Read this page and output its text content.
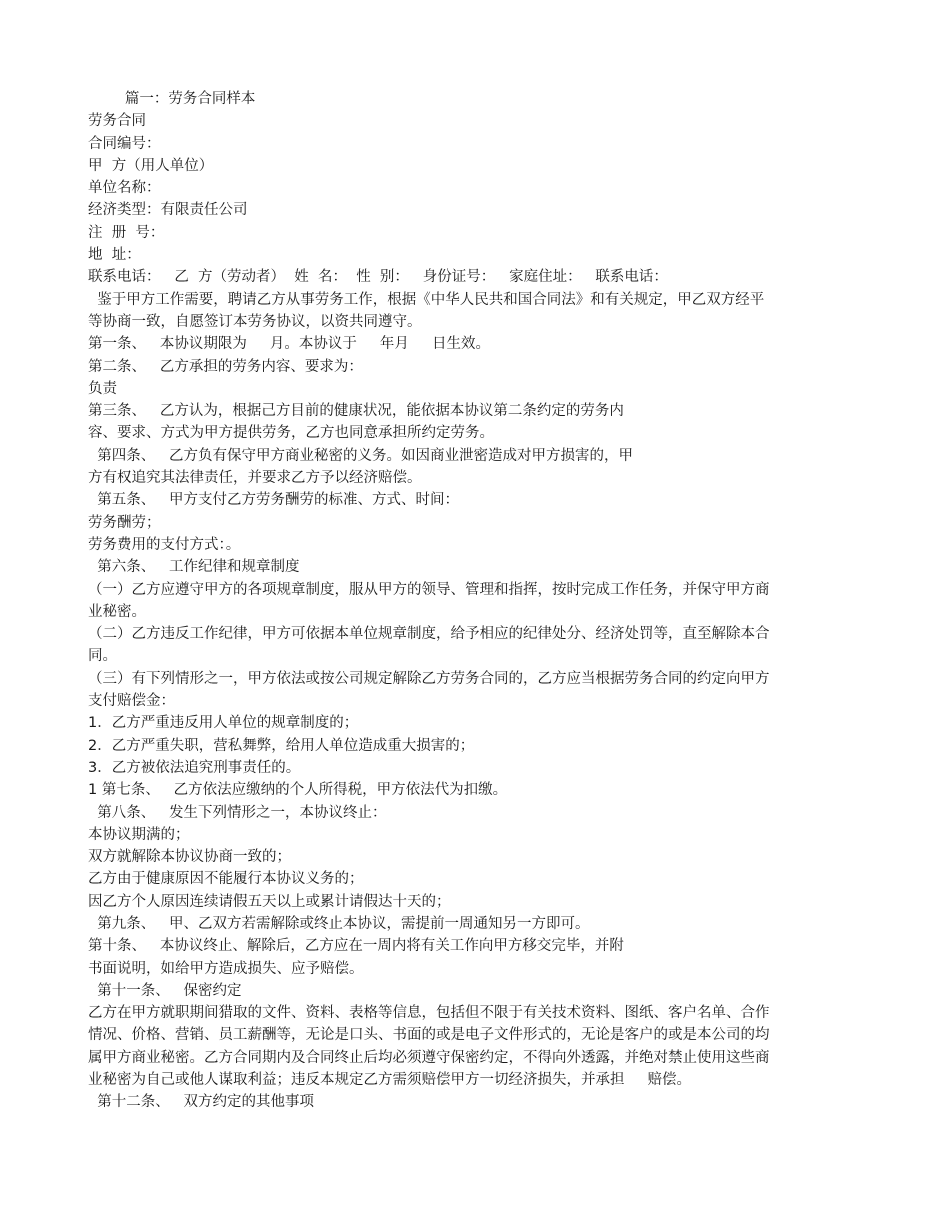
篇一：劳务合同样本
劳务合同
合同编号：
甲  方（用人单位）
单位名称：
经济类型：有限责任公司
注  册  号：
地  址：
联系电话：   乙  方（劳动者）  姓  名：  性  别：   身份证号：   家庭住址：   联系电话：
鉴于甲方工作需要，聘请乙方从事劳务工作，根据《中华人民共和国合同法》和有关规定，甲乙双方经平
等协商一致，自愿签订本劳务协议，以资共同遵守。
第一条、   本协议期限为     月。本协议于     年月     日生效。
第二条、   乙方承担的劳务内容、要求为：
负责
第三条、   乙方认为，根据己方目前的健康状况，能依据本协议第二条约定的劳务内
容、要求、方式为甲方提供劳务，乙方也同意承担所约定劳务。
第四条、   乙方负有保守甲方商业秘密的义务。如因商业泄密造成对甲方损害的，甲
方有权追究其法律责任，并要求乙方予以经济赔偿。
第五条、   甲方支付乙方劳务酬劳的标准、方式、时间：
劳务酬劳；
劳务费用的支付方式：。
第六条、   工作纪律和规章制度
（一）乙方应遵守甲方的各项规章制度，服从甲方的领导、管理和指挥，按时完成工作任务，并保守甲方商
业秘密。
（二）乙方违反工作纪律，甲方可依据本单位规章制度，给予相应的纪律处分、经济处罚等，直至解除本合
同。
（三）有下列情形之一，甲方依法或按公司规定解除乙方劳务合同的，乙方应当根据劳务合同的约定向甲方
支付赔偿金：
1．乙方严重违反用人单位的规章制度的；
2．乙方严重失职，营私舞弊，给用人单位造成重大损害的；
3．乙方被依法追究刑事责任的。
1 第七条、   乙方依法应缴纳的个人所得税，甲方依法代为扣缴。
第八条、   发生下列情形之一，本协议终止：
本协议期满的；
双方就解除本协议协商一致的；
乙方由于健康原因不能履行本协议义务的；
因乙方个人原因连续请假五天以上或累计请假达十天的；
第九条、   甲、乙双方若需解除或终止本协议，需提前一周通知另一方即可。
第十条、   本协议终止、解除后，乙方应在一周内将有关工作向甲方移交完毕，并附
书面说明，如给甲方造成损失、应予赔偿。
第十一条、   保密约定
乙方在甲方就职期间猎取的文件、资料、表格等信息，包括但不限于有关技术资料、图纸、客户名单、合作
情况、价格、营销、员工薪酬等，无论是口头、书面的或是电子文件形式的，无论是客户的或是本公司的均
属甲方商业秘密。乙方合同期内及合同终止后均必须遵守保密约定，不得向外透露，并绝对禁止使用这些商
业秘密为自己或他人谋取利益；违反本规定乙方需须赔偿甲方一切经济损失，并承担     赔偿。
第十二条、   双方约定的其他事项
